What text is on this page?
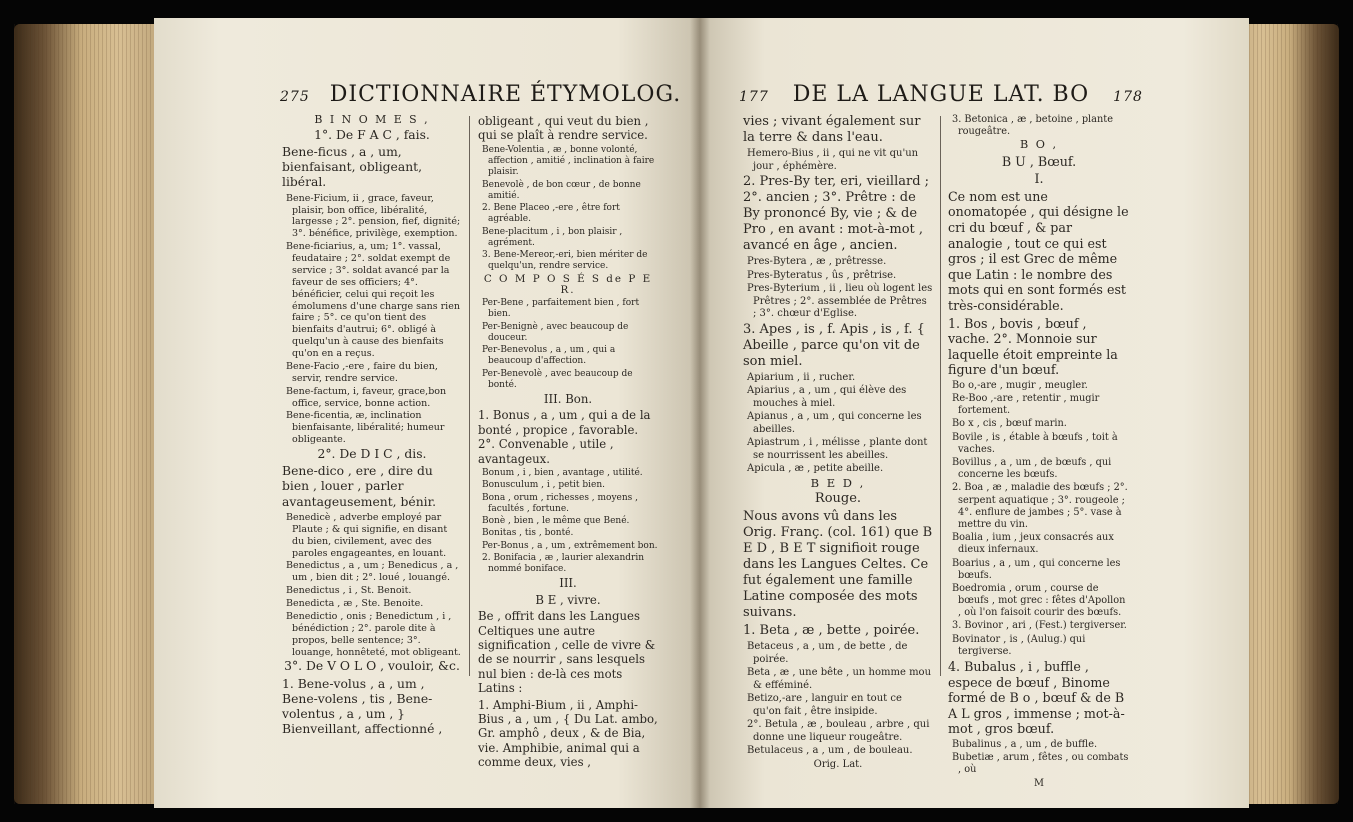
275 DICTIONNAIRE ÉTYMOLOG.
B I N O M E S ,
1°. De F A C , fais.
Bene-ficus , a , um, bienfaisant, obligeant, libéral.
Bene-Ficium, ii , grace, faveur, plaisir, bon office, libéralité, largesse ; 2°. pension, fief, dignité; 3°. bénéfice, privilège, exemption.
Bene-ficiarius, a, um; 1°. vassal, feudataire ; 2°. soldat exempt de service ; 3°. soldat avancé par la faveur de ses officiers; 4°. bénéficier, celui qui reçoit les émolumens d'une charge sans rien faire ; 5°. ce qu'on tient des bienfaits d'autrui; 6°. obligé à quelqu'un à cause des bienfaits qu'on en a reçus.
Bene-Facio ,-ere , faire du bien, servir, rendre service.
Bene-factum, i, faveur, grace,bon office, service, bonne action.
Bene-ficentia, æ, inclination bienfaisante, libéralité; humeur obligeante.
2°. De D I C , dis.
Bene-dico , ere , dire du bien , louer , parler avantageusement, bénir.
Benedicè , adverbe employé par Plaute ; & qui signifie, en disant du bien, civilement, avec des paroles engageantes, en louant.
Benedictus , a , um ; Benedicus , a , um , bien dit ; 2°. loué , louangé.
Benedictus , i , St. Benoit.
Benedicta , æ , Ste. Benoite.
Benedictio , onis ; Benedictum , i , bénédiction ; 2°. parole dite à propos, belle sentence; 3°. louange, honnêteté, mot obligeant.
3°. De V O L O , vouloir, &c.
1. Bene-volus , a , um , Bene-volens , tis , Bene-volentus , a , um , } Bienveillant, affectionné ,
obligeant , qui veut du bien , qui se plaît à rendre service.
Bene-Volentia , æ , bonne volonté, affection , amitié , inclination à faire plaisir.
Benevolè , de bon cœur , de bonne amitié.
2. Bene Placeo ,-ere , être fort agréable.
Bene-placitum , i , bon plaisir , agrément.
3. Bene-Mereor,-eri, bien mériter de quelqu'un, rendre service.
C O M P O S É S de P E R.
Per-Bene , parfaitement bien , fort bien.
Per-Benignè , avec beaucoup de douceur.
Per-Benevolus , a , um , qui a beaucoup d'affection.
Per-Benevolè , avec beaucoup de bonté.
III. Bon.
1. Bonus , a , um , qui a de la bonté , propice , favorable. 2°. Convenable , utile , avantageux.
Bonum , i , bien , avantage , utilité.
Bonusculum , i , petit bien.
Bona , orum , richesses , moyens , facultés , fortune.
Bonè , bien , le même que Bené.
Bonitas , tis , bonté.
Per-Bonus , a , um , extrêmement bon.
2. Bonifacia , æ , laurier alexandrin nommé boniface.
III.
B E , vivre.
Be , offrit dans les Langues Celtiques une autre signification , celle de vivre & de se nourrir , sans lesquels nul bien : de-là ces mots Latins :
1. Amphi-Bium , ii , Amphi-Bius , a , um , { Du Lat. ambo, Gr. amphô , deux , & de Bia, vie. Amphibie, animal qui a comme deux, vies ,
177 DE LA LANGUE LAT. BO 178
vies ; vivant également sur la terre & dans l'eau.
Hemero-Bius , ii , qui ne vit qu'un jour , éphémère.
2. Pres-By ter, eri, vieillard ; 2°. ancien ; 3°. Prêtre : de By prononcé By, vie ; & de Pro , en avant : mot-à-mot , avancé en âge , ancien.
Pres-Bytera , æ , prêtresse.
Pres-Byteratus , ûs , prêtrise.
Pres-Byterium , ii , lieu où logent les Prêtres ; 2°. assemblée de Prêtres ; 3°. chœur d'Eglise.
3. Apes , is , f. Apis , is , f. { Abeille , parce qu'on vit de son miel.
Apiarium , ii , rucher.
Apiarius , a , um , qui élève des mouches à miel.
Apianus , a , um , qui concerne les abeilles.
Apiastrum , i , mélisse , plante dont se nourrissent les abeilles.
Apicula , æ , petite abeille.
B E D ,
Rouge.
Nous avons vû dans les Orig. Franç. (col. 161) que B E D , B E T signifioit rouge dans les Langues Celtes. Ce fut également une famille Latine composée des mots suivans.
1. Beta , æ , bette , poirée.
Betaceus , a , um , de bette , de poirée.
Beta , æ , une bête , un homme mou & efféminé.
Betizo,-are , languir en tout ce qu'on fait , être insipide.
2°. Betula , æ , bouleau , arbre , qui donne une liqueur rougeâtre.
Betulaceus , a , um , de bouleau.
Orig. Lat.
3. Betonica , æ , betoine , plante rougeâtre.
B O ,
B U , Bœuf.
I.
Ce nom est une onomatopée , qui désigne le cri du bœuf , & par analogie , tout ce qui est gros ; il est Grec de même que Latin : le nombre des mots qui en sont formés est très-considérable.
1. Bos , bovis , bœuf , vache. 2°. Monnoie sur laquelle étoit empreinte la figure d'un bœuf.
Bo o,-are , mugir , meugler.
Re-Boo ,-are , retentir , mugir fortement.
Bo x , cis , bœuf marin.
Bovile , is , étable à bœufs , toit à vaches.
Bovillus , a , um , de bœufs , qui concerne les bœufs.
2. Boa , æ , maladie des bœufs ; 2°. serpent aquatique ; 3°. rougeole ; 4°. enflure de jambes ; 5°. vase à mettre du vin.
Boalia , ium , jeux consacrés aux dieux infernaux.
Boarius , a , um , qui concerne les bœufs.
Boedromia , orum , course de bœufs , mot grec : fêtes d'Apollon , où l'on faisoit courir des bœufs.
3. Bovinor , ari , (Fest.) tergiverser.
Bovinator , is , (Aulug.) qui tergiverse.
4. Bubalus , i , buffle , espece de bœuf , Binome formé de B o , bœuf & de B A L gros , immense ; mot-à-mot , gros bœuf.
Bubalinus , a , um , de buffle.
Bubetiæ , arum , fêtes , ou combats , où
M
